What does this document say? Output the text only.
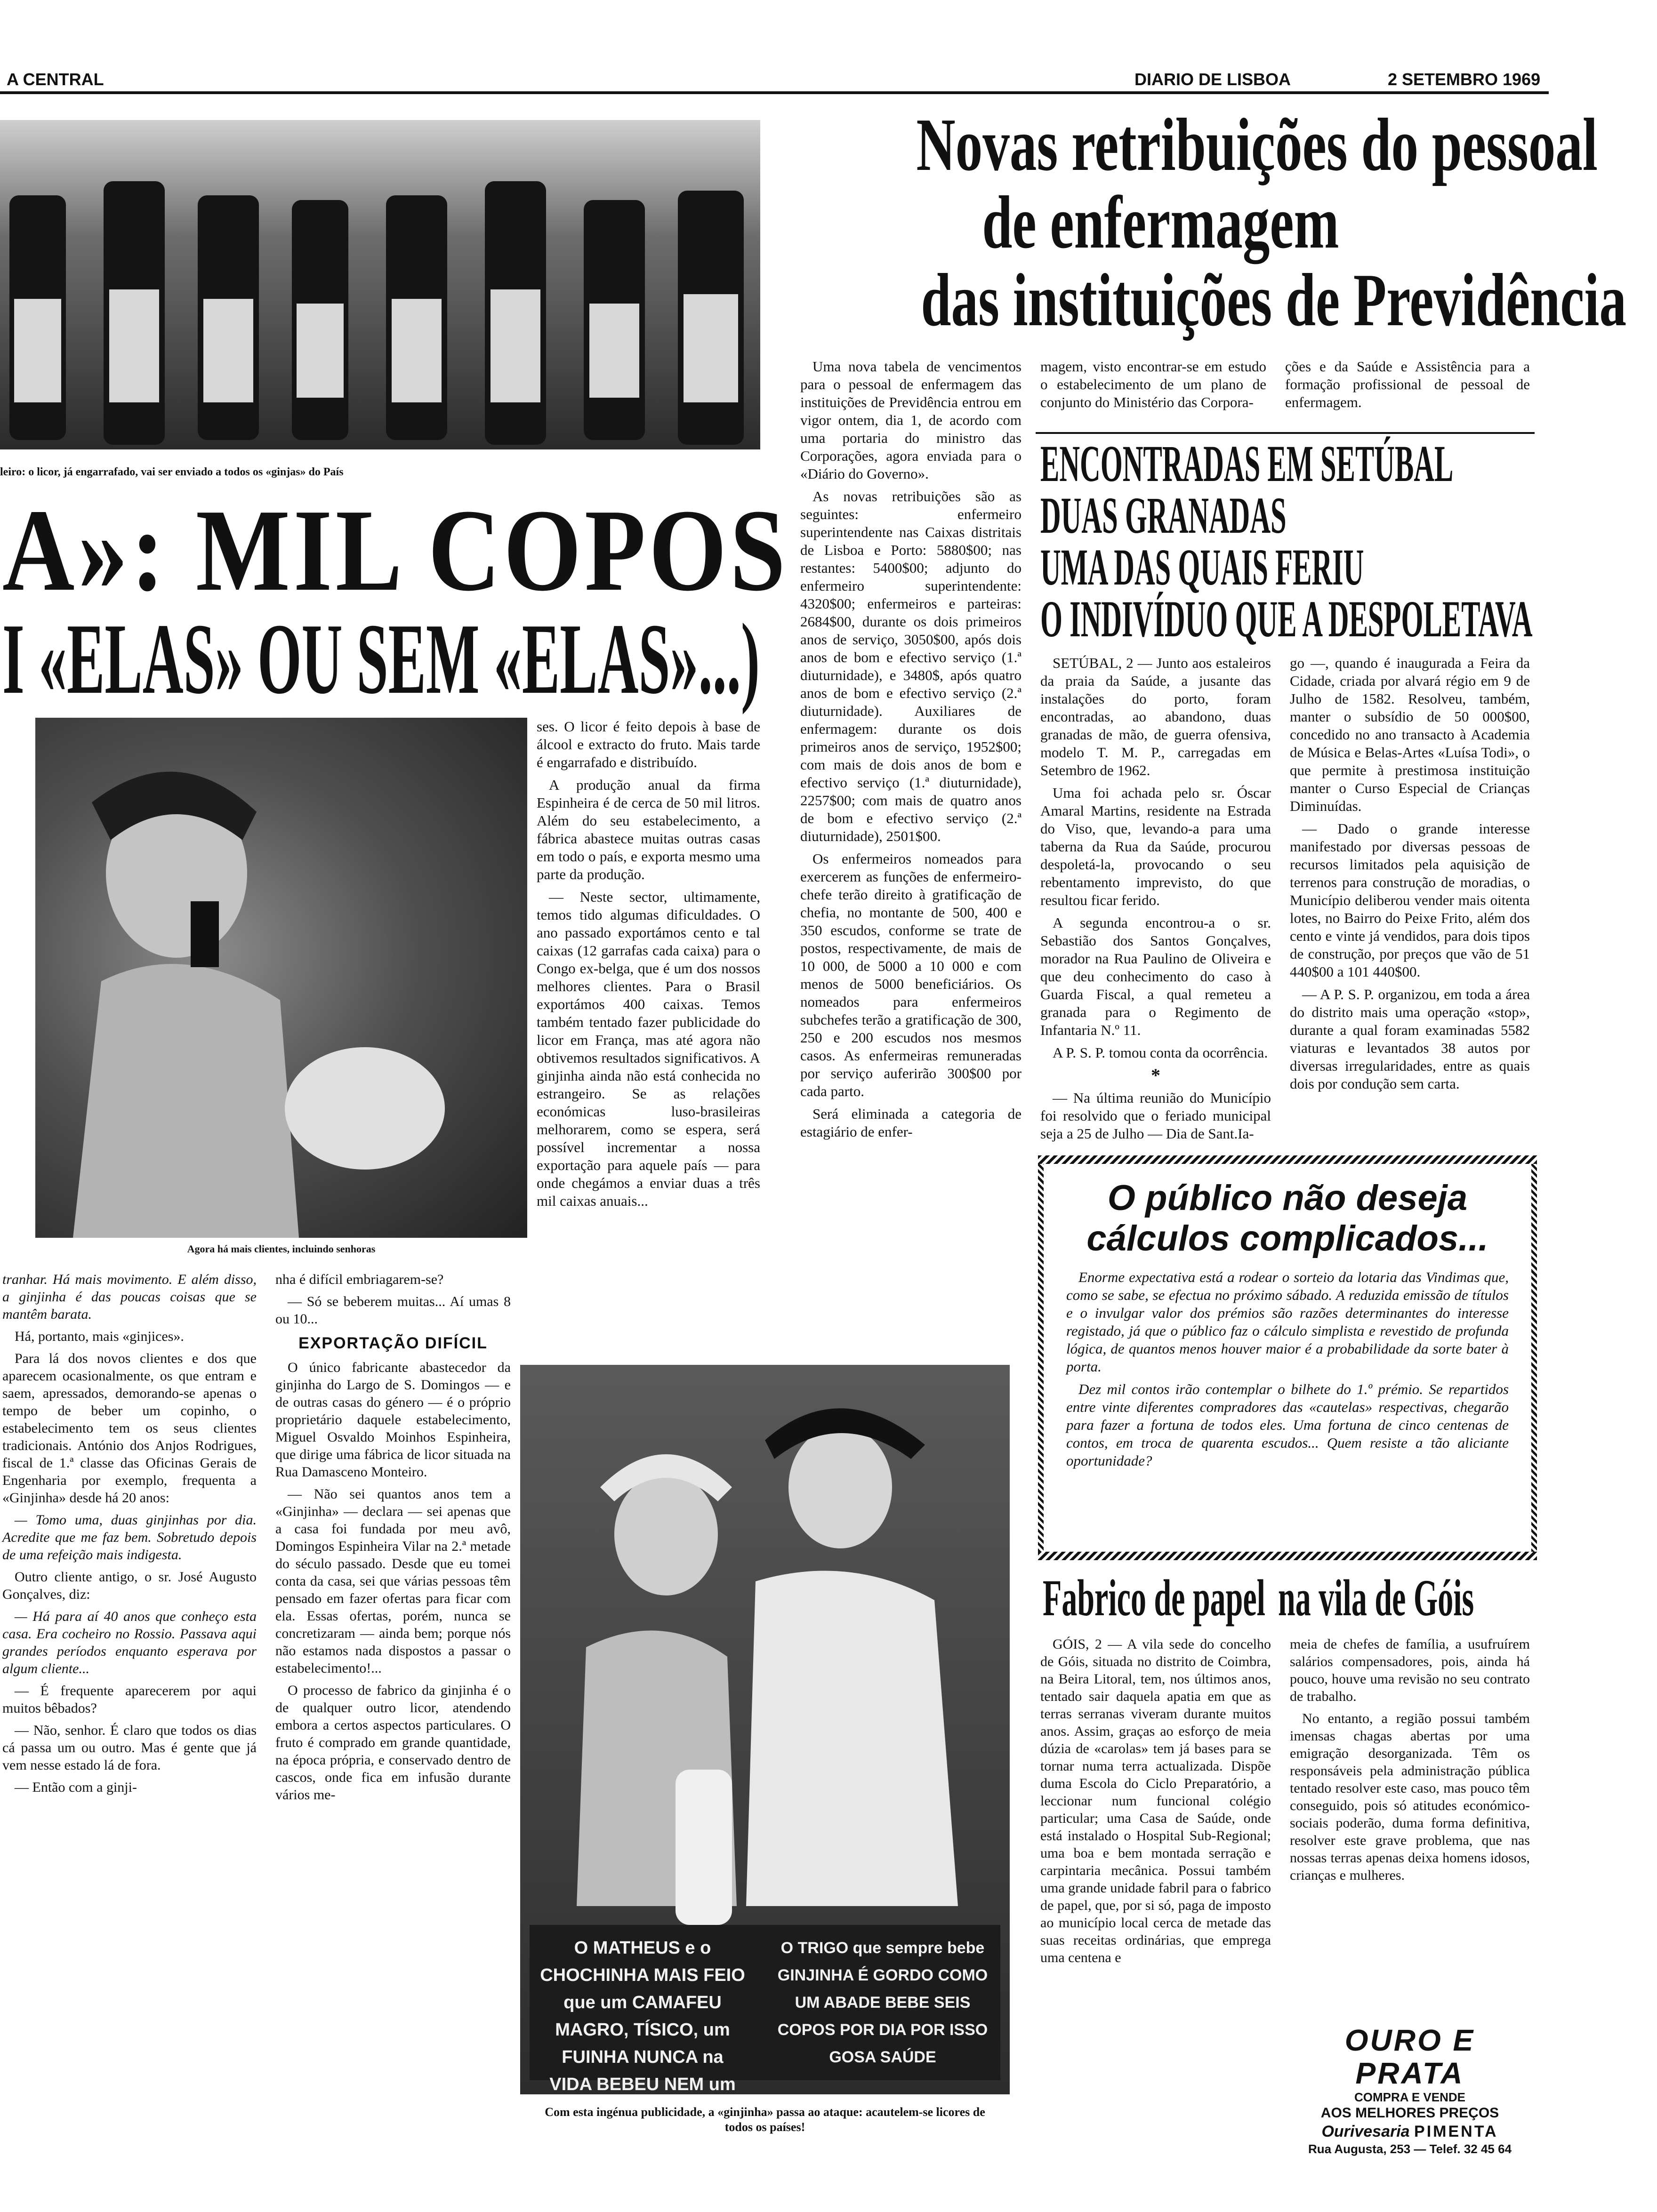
A CENTRAL	DIARIO DE LISBOA	2 SETEMBRO 1969
leiro: o licor, já engarrafado, vai ser enviado a todos os «ginjas» do País
A»: MIL COPOS
I «ELAS» OU SEM «ELAS»...)
Agora há mais clientes, incluindo senhoras

ses. O licor é feito depois à base de álcool e extracto do fruto. Mais tarde é engarrafado e distribuído.

A produção anual da firma Espinheira é de cerca de 50 mil litros. Além do seu estabelecimento, a fábrica abastece muitas outras casas em todo o país, e exporta mesmo uma parte da produção.

— Neste sector, ultimamente, temos tido algumas dificuldades. O ano passado exportámos cento e tal caixas (12 garrafas cada caixa) para o Congo ex-belga, que é um dos nossos melhores clientes. Para o Brasil exportámos 400 caixas. Temos também tentado fazer publicidade do licor em França, mas até agora não obtivemos resultados significativos. A ginjinha ainda não está conhecida no estrangeiro. Se as relações económicas luso-brasileiras melhorarem, como se espera, será possível incrementar a nossa exportação para aquele país — para onde chegámos a enviar duas a três mil caixas anuais...

tranhar. Há mais movimento. E além disso, a ginjinha é das poucas coisas que se mantêm barata.

Há, portanto, mais «ginjices».

Para lá dos novos clientes e dos que aparecem ocasionalmente, os que entram e saem, apressados, demorando-se apenas o tempo de beber um copinho, o estabelecimento tem os seus clientes tradicionais. António dos Anjos Rodrigues, fiscal de 1.ª classe das Oficinas Gerais de Engenharia por exemplo, frequenta a «Ginjinha» desde há 20 anos:

— Tomo uma, duas ginjinhas por dia. Acredite que me faz bem. Sobretudo depois de uma refeição mais indigesta.

Outro cliente antigo, o sr. José Augusto Gonçalves, diz:

— Há para aí 40 anos que conheço esta casa. Era cocheiro no Rossio. Passava aqui grandes períodos enquanto esperava por algum cliente...

— É frequente aparecerem por aqui muitos bêbados?

— Não, senhor. É claro que todos os dias cá passa um ou outro. Mas é gente que já vem nesse estado lá de fora.

— Então com a ginji-

nha é difícil embriagarem-se?

— Só se beberem muitas... Aí umas 8 ou 10...

EXPORTAÇÃO DIFÍCIL

O único fabricante abastecedor da ginjinha do Largo de S. Domingos — e de outras casas do género — é o próprio proprietário daquele estabelecimento, Miguel Osvaldo Moinhos Espinheira, que dirige uma fábrica de licor situada na Rua Damasceno Monteiro.

— Não sei quantos anos tem a «Ginjinha» — declara — sei apenas que a casa foi fundada por meu avô, Domingos Espinheira Vilar na 2.ª metade do século passado. Desde que eu tomei conta da casa, sei que várias pessoas têm pensado em fazer ofertas para ficar com ela. Essas ofertas, porém, nunca se concretizaram — ainda bem; porque nós não estamos nada dispostos a passar o estabelecimento!...

O processo de fabrico da ginjinha é o de qualquer outro licor, atendendo embora a certos aspectos particulares. O fruto é comprado em grande quantidade, na época própria, e conservado dentro de cascos, onde fica em infusão durante vários me-

O MATHEUS e o CHOCHINHA MAIS FEIO que um CAMAFEU MAGRO, TÍSICO, um FUINHA NUNCA na VIDA BEBEU NEM um
O TRIGO que sempre bebe GINJINHA É GORDO COMO UM ABADE BEBE SEIS COPOS POR DIA POR ISSO GOSA SAÚDE
Com esta ingénua publicidade, a «ginjinha» passa ao ataque: acautelem-se licores de todos os países!
Novas retribuições do pessoal
de enfermagem
das instituições de Previdência

Uma nova tabela de vencimentos para o pessoal de enfermagem das instituições de Previdência entrou em vigor ontem, dia 1, de acordo com uma portaria do ministro das Corporações, agora enviada para o «Diário do Governo».

As novas retribuições são as seguintes: enfermeiro superintendente nas Caixas distritais de Lisboa e Porto: 5880$00; nas restantes: 5400$00; adjunto do enfermeiro superintendente: 4320$00; enfermeiros e parteiras: 2684$00, durante os dois primeiros anos de serviço, 3050$00, após dois anos de bom e efectivo serviço (1.ª diuturnidade), e 3480$, após quatro anos de bom e efectivo serviço (2.ª diuturnidade). Auxiliares de enfermagem: durante os dois primeiros anos de serviço, 1952$00; com mais de dois anos de bom e efectivo serviço (1.ª diuturnidade), 2257$00; com mais de quatro anos de bom e efectivo serviço (2.ª diuturnidade), 2501$00.

Os enfermeiros nomeados para exercerem as funções de enfermeiro-chefe terão direito à gratificação de chefia, no montante de 500, 400 e 350 escudos, conforme se trate de postos, respectivamente, de mais de 10 000, de 5000 a 10 000 e com menos de 5000 beneficiários. Os nomeados para enfermeiros subchefes terão a gratificação de 300, 250 e 200 escudos nos mesmos casos. As enfermeiras remuneradas por serviço auferirão 300$00 por cada parto.

Será eliminada a categoria de estagiário de enfer-

magem, visto encontrar-se em estudo o estabelecimento de um plano de conjunto do Ministério das Corpora-

ções e da Saúde e Assistência para a formação profissional de pessoal de enfermagem.

ENCONTRADAS EM SETÚBAL
DUAS GRANADAS
UMA DAS QUAIS FERIU
O INDIVÍDUO QUE A DESPOLETAVA

SETÚBAL, 2 — Junto aos estaleiros da praia da Saúde, a jusante das instalações do porto, foram encontradas, ao abandono, duas granadas de mão, de guerra ofensiva, modelo T. M. P., carregadas em Setembro de 1962.

Uma foi achada pelo sr. Óscar Amaral Martins, residente na Estrada do Viso, que, levando-a para uma taberna da Rua da Saúde, procurou despoletá-la, provocando o seu rebentamento imprevisto, do que resultou ficar ferido.

A segunda encontrou-a o sr. Sebastião dos Santos Gonçalves, morador na Rua Paulino de Oliveira e que deu conhecimento do caso à Guarda Fiscal, a qual remeteu a granada para o Regimento de Infantaria N.º 11.

A P. S. P. tomou conta da ocorrência.

*

— Na última reunião do Município foi resolvido que o feriado municipal seja a 25 de Julho — Dia de Sant.Ia-

go —, quando é inaugurada a Feira da Cidade, criada por alvará régio em 9 de Julho de 1582. Resolveu, também, manter o subsídio de 50 000$00, concedido no ano transacto à Academia de Música e Belas-Artes «Luísa Todi», o que permite à prestimosa instituição manter o Curso Especial de Crianças Diminuídas.

— Dado o grande interesse manifestado por diversas pessoas de recursos limitados pela aquisição de terrenos para construção de moradias, o Município deliberou vender mais oitenta lotes, no Bairro do Peixe Frito, além dos cento e vinte já vendidos, para dois tipos de construção, por preços que vão de 51 440$00 a 101 440$00.

— A P. S. P. organizou, em toda a área do distrito mais uma operação «stop», durante a qual foram examinadas 5582 viaturas e levantados 38 autos por diversas irregularidades, entre as quais dois por condução sem carta.

O público não deseja
cálculos complicados...

Enorme expectativa está a rodear o sorteio da lotaria das Vindimas que, como se sabe, se efectua no próximo sábado. A reduzida emissão de títulos e o invulgar valor dos prémios são razões determinantes do interesse registado, já que o público faz o cálculo simplista e revestido de profunda lógica, de quantos menos houver maior é a probabilidade da sorte bater à porta.

Dez mil contos irão contemplar o bilhete do 1.º prémio. Se repartidos entre vinte diferentes compradores das «cautelas» respectivas, chegarão para fazer a fortuna de todos eles. Uma fortuna de cinco centenas de contos, em troca de quarenta escudos... Quem resiste a tão aliciante oportunidade?

Fabrico de papel na vila de Góis

GÓIS, 2 — A vila sede do concelho de Góis, situada no distrito de Coimbra, na Beira Litoral, tem, nos últimos anos, tentado sair daquela apatia em que as terras serranas viveram durante muitos anos. Assim, graças ao esforço de meia dúzia de «carolas» tem já bases para se tornar numa terra actualizada. Dispõe duma Escola do Ciclo Preparatório, a leccionar num funcional colégio particular; uma Casa de Saúde, onde está instalado o Hospital Sub-Regional; uma boa e bem montada serração e carpintaria mecânica. Possui também uma grande unidade fabril para o fabrico de papel, que, por si só, paga de imposto ao município local cerca de metade das suas receitas ordinárias, que emprega uma centena e

meia de chefes de família, a usufruírem salários compensadores, pois, ainda há pouco, houve uma revisão no seu contrato de trabalho.

No entanto, a região possui também imensas chagas abertas por uma emigração desorganizada. Têm os responsáveis pela administração pública tentado resolver este caso, mas pouco têm conseguido, pois só atitudes económico-sociais poderão, duma forma definitiva, resolver este grave problema, que nas nossas terras apenas deixa homens idosos, crianças e mulheres.

OURO E PRATA
COMPRA E VENDE
AOS MELHORES PREÇOS
Ourivesaria PIMENTA
Rua Augusta, 253 — Telef. 32 45 64
